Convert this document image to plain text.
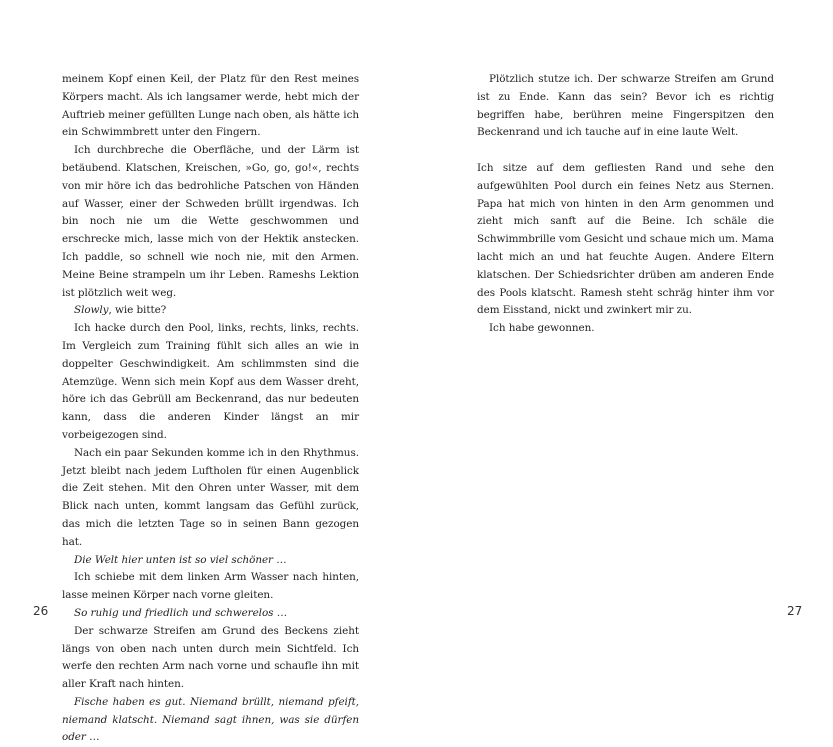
meinem Kopf einen Keil, der Platz für den Rest meines Körpers macht. Als ich langsamer werde, hebt mich der Auftrieb meiner gefüllten Lunge nach oben, als hätte ich ein Schwimmbrett unter den Fingern.

Ich durchbreche die Oberfläche, und der Lärm ist betäubend. Klatschen, Kreischen, »Go, go, go!«, rechts von mir höre ich das bedrohliche Patschen von Händen auf Wasser, einer der Schweden brüllt irgendwas. Ich bin noch nie um die Wette geschwommen und erschrecke mich, lasse mich von der Hektik anstecken. Ich paddle, so schnell wie noch nie, mit den Armen. Meine Beine strampeln um ihr Leben. Rameshs Lektion ist plötzlich weit weg.

Slowly, wie bitte?

Ich hacke durch den Pool, links, rechts, links, rechts. Im Vergleich zum Training fühlt sich alles an wie in doppelter Geschwindigkeit. Am schlimmsten sind die Atemzüge. Wenn sich mein Kopf aus dem Wasser dreht, höre ich das Gebrüll am Beckenrand, das nur bedeuten kann, dass die anderen Kinder längst an mir vorbeigezogen sind.

Nach ein paar Sekunden komme ich in den Rhythmus. Jetzt bleibt nach jedem Luftholen für einen Augenblick die Zeit stehen. Mit den Ohren unter Wasser, mit dem Blick nach unten, kommt langsam das Gefühl zurück, das mich die letzten Tage so in seinen Bann gezogen hat.

Die Welt hier unten ist so viel schöner …

Ich schiebe mit dem linken Arm Wasser nach hinten, lasse meinen Körper nach vorne gleiten.

So ruhig und friedlich und schwerelos …

Der schwarze Streifen am Grund des Beckens zieht längs von oben nach unten durch mein Sichtfeld. Ich werfe den rechten Arm nach vorne und schaufle ihn mit aller Kraft nach hinten.

Fische haben es gut. Niemand brüllt, niemand pfeift, niemand klatscht. Niemand sagt ihnen, was sie dürfen oder …

26

Plötzlich stutze ich. Der schwarze Streifen am Grund ist zu Ende. Kann das sein? Bevor ich es richtig begriffen habe, berühren meine Fingerspitzen den Beckenrand und ich tauche auf in eine laute Welt.

Ich sitze auf dem gefliesten Rand und sehe den aufgewühlten Pool durch ein feines Netz aus Sternen. Papa hat mich von hinten in den Arm genommen und zieht mich sanft auf die Beine. Ich schäle die Schwimmbrille vom Gesicht und schaue mich um. Mama lacht mich an und hat feuchte Augen. Andere Eltern klatschen. Der Schiedsrichter drüben am anderen Ende des Pools klatscht. Ramesh steht schräg hinter ihm vor dem Eisstand, nickt und zwinkert mir zu.

Ich habe gewonnen.

27
